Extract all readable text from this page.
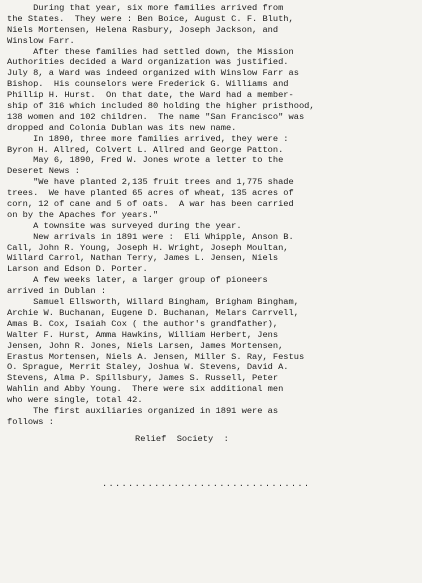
During that year, six more families arrived from
the States.  They were : Ben Boice, August C. F. Bluth,
Niels Mortensen, Helena Rasbury, Joseph Jackson, and
Winslow Farr.
After these families had settled down, the Mission
Authorities decided a Ward organization was justified.
July 8, a Ward was indeed organized with Winslow Farr as
Bishop.  His counselors were Frederick G. Williams and
Phillip H. Hurst.  On that date, the Ward had a member-
ship of 316 which included 80 holding the higher pristhood,
138 women and 102 children.  The name "San Francisco" was
dropped and Colonia Dublan was its new name.
In 1890, three more families arrived, they were :
Byron H. Allred, Colvert L. Allred and George Patton.
May 6, 1890, Fred W. Jones wrote a letter to the
Deseret News :
"We have planted 2,135 fruit trees and 1,775 shade
trees.  We have planted 65 acres of wheat, 135 acres of
corn, 12 of cane and 5 of oats.  A war has been carried
on by the Apaches for years."
A townsite was surveyed during the year.
New arrivals in 1891 were :  Eli Whipple, Anson B.
Call, John R. Young, Joseph H. Wright, Joseph Moultan,
Willard Carrol, Nathan Terry, James L. Jensen, Niels
Larson and Edson D. Porter.
A few weeks later, a larger group of pioneers
arrived in Dublan :
Samuel Ellsworth, Willard Bingham, Brigham Bingham,
Archie W. Buchanan, Eugene D. Buchanan, Melars Carrvell,
Amas B. Cox, Isaiah Cox ( the author's grandfather),
Walter F. Hurst, Amma Hawkins, William Herbert, Jens
Jensen, John R. Jones, Niels Larsen, James Mortensen,
Erastus Mortensen, Niels A. Jensen, Miller S. Ray, Festus
O. Sprague, Merrit Staley, Joshua W. Stevens, David A.
Stevens, Alma P. Spillsbury, James S. Russell, Peter
Wahlin and Abby Young.  There were six additional men
who were single, total 42.
The first auxiliaries organized in 1891 were as
follows :
Relief  Society  :

................................
